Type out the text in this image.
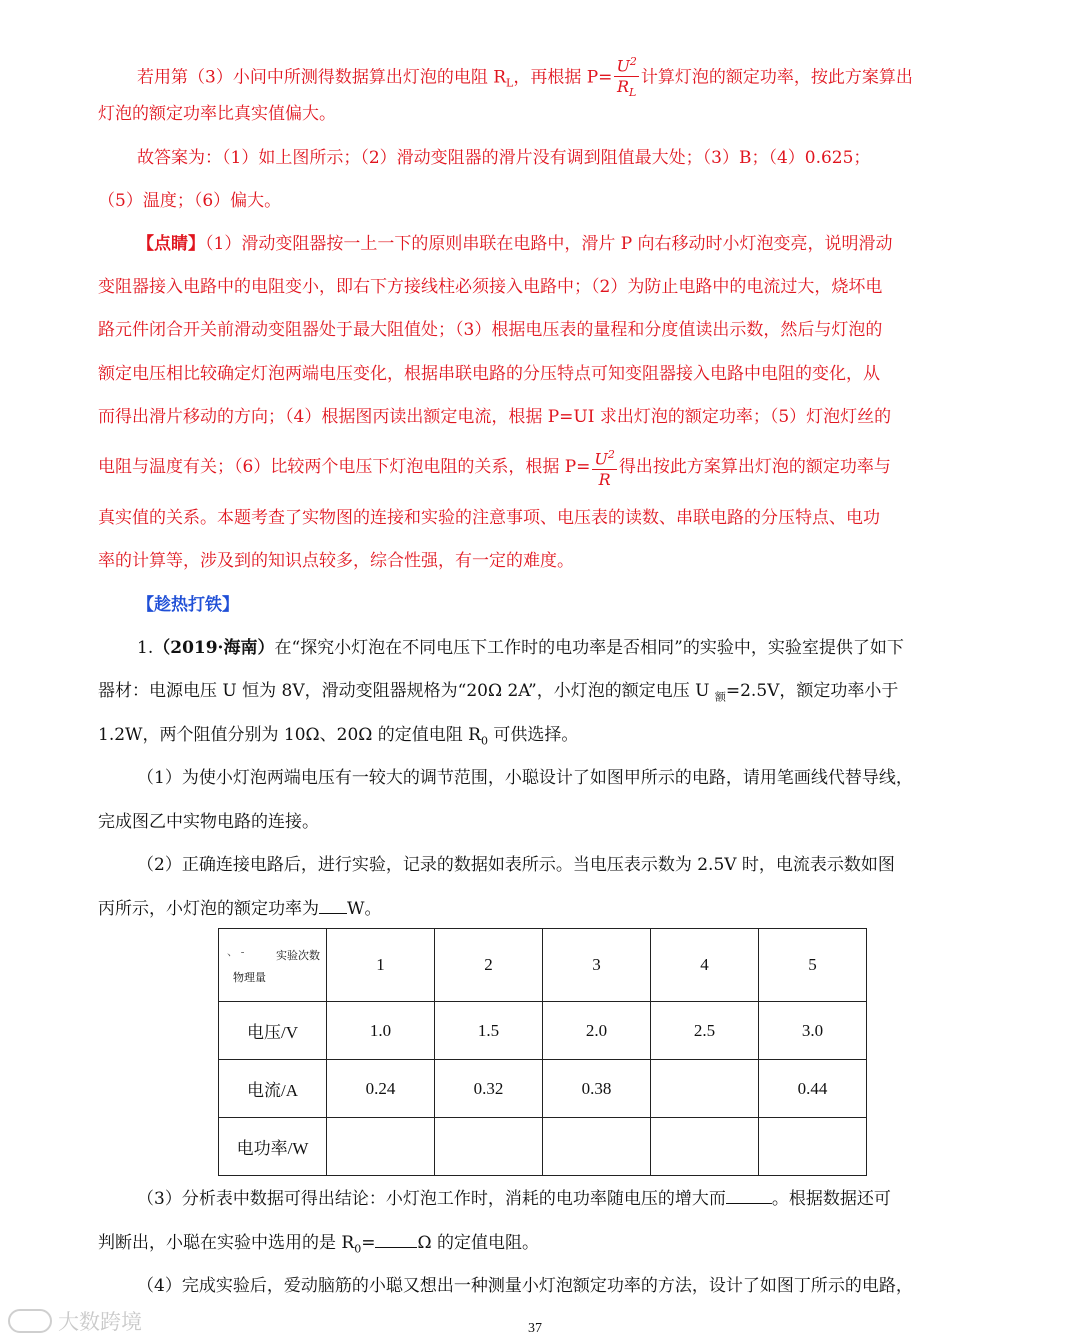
若用第（3）小问中所测得数据算出灯泡的电阻 $R_L$，再根据 $P= \frac{U^2}{R_L}$ 计算灯泡的额定功率，按此方案算出
灯泡的额定功率比真实值偏大。
故答案为：（1）如上图所示；（2）滑动变阻器的滑片没有调到阻值最大处；（3）B；（4）0.625；
（5）温度；（6）偏大。
【点睛】（1）滑动变阻器按一上一下的原则串联在电路中，滑片 P 向右移动时小灯泡变亮，说明滑动
变阻器接入电路中的电阻变小，即右下方接线柱必须接入电路中；（2）为防止电路中的电流过大，烧坏电
路元件闭合开关前滑动变阻器处于最大阻值处；（3）根据电压表的量程和分度值读出示数，然后与灯泡的
额定电压相比较确定灯泡两端电压变化，根据串联电路的分压特点可知变阻器接入电路中电阻的变化，从
而得出滑片移动的方向；（4）根据图丙读出额定电流，根据 P=UI 求出灯泡的额定功率；（5）灯泡灯丝的
电阻与温度有关；（6）比较两个电压下灯泡电阻的关系，根据 $P= \frac{U^2}{R}$ 得出按此方案算出灯泡的额定功率与
真实值的关系。本题考查了实物图的连接和实验的注意事项、电压表的读数、串联电路的分压特点、电功
率的计算等，涉及到的知识点较多，综合性强，有一定的难度。
【趁热打铁】
1.（2019·海南）在“探究小灯泡在不同电压下工作时的电功率是否相同”的实验中，实验室提供了如下
器材：电源电压 U 恒为 8V，滑动变阻器规格为“20Ω 2A”，小灯泡的额定电压 U $_额$=2.5V，额定功率小于
1.2W，两个阻值分别为 10Ω、20Ω 的定值电阻 $R_0$ 可供选择。
（1）为使小灯泡两端电压有一较大的调节范围，小聪设计了如图甲所示的电路，请用笔画线代替导线，
完成图乙中实物电路的连接。
（2）正确连接电路后，进行实验，记录的数据如表所示。当电压表示数为 2.5V 时，电流表示数如图
丙所示，小灯泡的额定功率为 W。
、 - 实验次数
物理量	1	2	3	4	5
电压/V	1.0	1.5	2.0	2.5	3.0
电流/A	0.24	0.32	0.38		0.44
电功率/W					
（3）分析表中数据可得出结论：小灯泡工作时，消耗的电功率随电压的增大而	。根据数据还可
判断出，小聪在实验中选用的是 $R_0= \Omega$ 的定值电阻。
（4）完成实验后，爱动脑筋的小聪又想出一种测量小灯泡额定功率的方法，设计了如图丁所示的电路，
大数跨境	37
